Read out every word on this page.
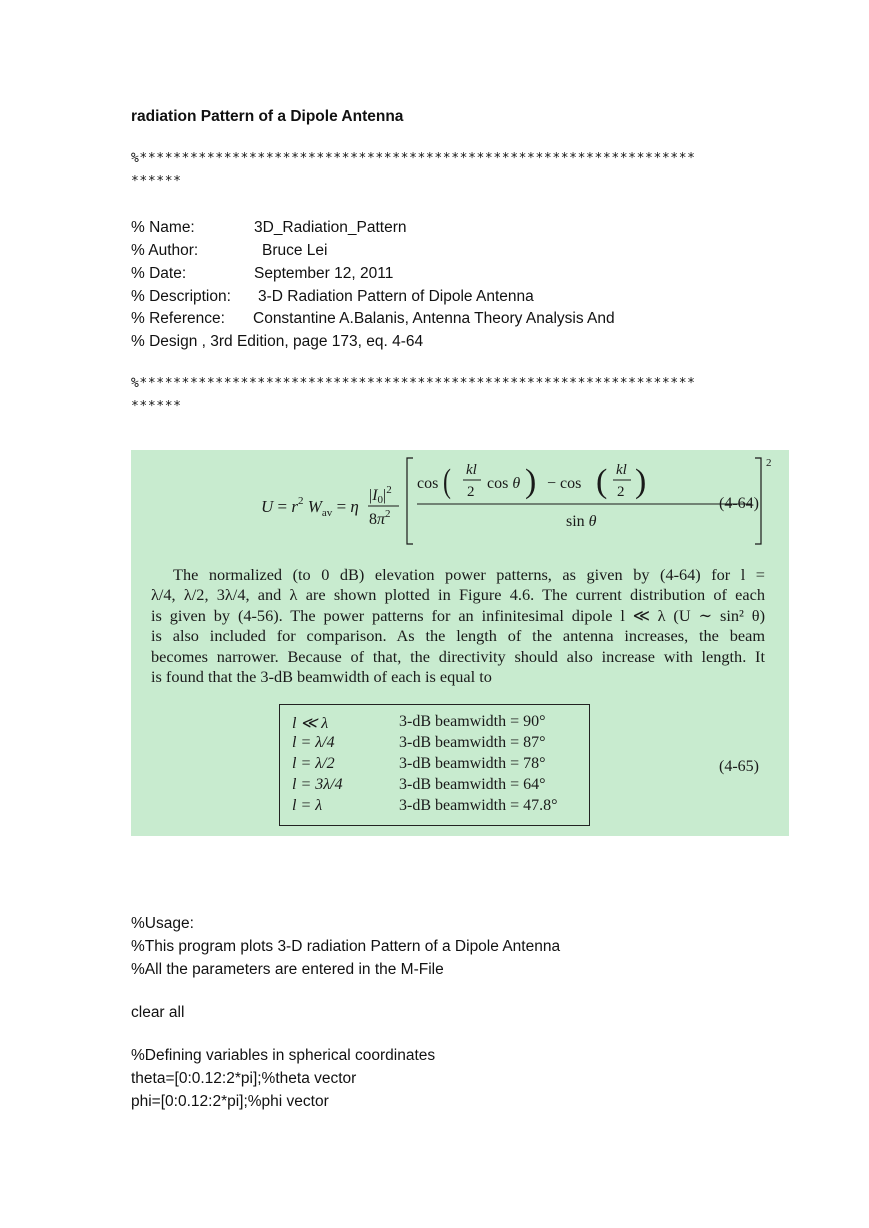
radiation Pattern of a Dipole Antenna
%******************************************************************
******
% Name:	3D_Radiation_Pattern
% Author:	Bruce Lei
% Date:	September 12, 2011
% Description: 3-D Radiation Pattern of Dipole Antenna
% Reference: Constantine A.Balanis, Antenna Theory Analysis And
% Design , 3rd Edition, page 173, eq. 4-64
%******************************************************************
******
$U = r^2$ $W_{av} = \eta$
$|I0|^2$
$8\pi^2$
2
cos ( kl
2 cos θ ) − cos ( kl
2 )
sin θ
(4-64)
The normalized (to 0 dB) elevation power patterns, as given by (4-64) for l =
λ/4, λ/2, 3λ/4, and λ are shown plotted in Figure 4.6. The current distribution of each
is given by (4-56). The power patterns for an infinitesimal dipole l ≪ λ (U ∼ sin² θ)
is also included for comparison. As the length of the antenna increases, the beam
becomes narrower. Because of that, the directivity should also increase with length. It
is found that the 3-dB beamwidth of each is equal to
l ≪ λ	3-dB beamwidth = 90°
l = λ/4	3-dB beamwidth = 87°
l = λ/2	3-dB beamwidth = 78°
l = 3λ/4	3-dB beamwidth = 64°
l = λ	3-dB beamwidth = 47.8°
(4-65)
%Usage:
%This program plots 3-D radiation Pattern of a Dipole Antenna
%All the parameters are entered in the M-File
clear all
%Defining variables in spherical coordinates
theta=[0:0.12:2*pi];%theta vector
phi=[0:0.12:2*pi];%phi vector
